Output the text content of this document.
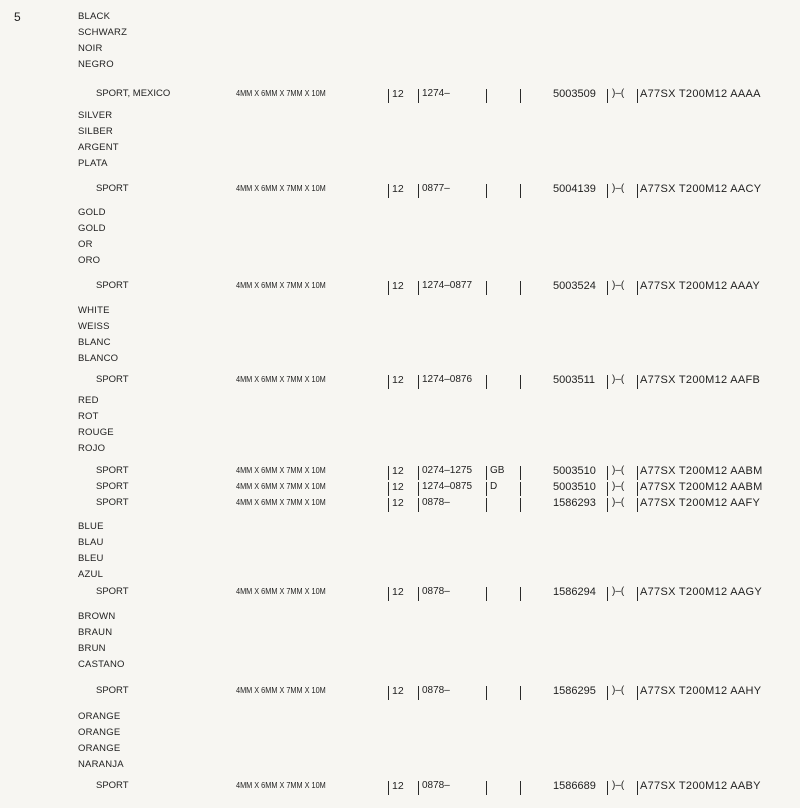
5	BLACK
SCHWARZ
NOIR
NEGRO
SPORT, MEXICO	4MM X 6MM X 7MM X 10M	12 1274–	5003509 )–( A77SX T200M12 AAAA
SILVER
SILBER
ARGENT
PLATA
SPORT	4MM X 6MM X 7MM X 10M	12 0877–	5004139 )–( A77SX T200M12 AACY
GOLD
GOLD
OR
ORO
SPORT	4MM X 6MM X 7MM X 10M	12 1274–0877	5003524 )–( A77SX T200M12 AAAY
WHITE
WEISS
BLANC
BLANCO
SPORT	4MM X 6MM X 7MM X 10M	12 1274–0876	5003511 )–( A77SX T200M12 AAFB
RED
ROT
ROUGE
ROJO
SPORT	4MM X 6MM X 7MM X 10M	12 0274–1275 GB	5003510 )–( A77SX T200M12 AABM
SPORT	4MM X 6MM X 7MM X 10M	12 1274–0875 D	5003510 )–( A77SX T200M12 AABM
SPORT	4MM X 6MM X 7MM X 10M	12 0878–	1586293 )–( A77SX T200M12 AAFY
BLUE
BLAU
BLEU
AZUL
SPORT	4MM X 6MM X 7MM X 10M	12 0878–	1586294 )–( A77SX T200M12 AAGY
BROWN
BRAUN
BRUN
CASTANO
SPORT	4MM X 6MM X 7MM X 10M	12 0878–	1586295 )–( A77SX T200M12 AAHY
ORANGE
ORANGE
ORANGE
NARANJA
SPORT	4MM X 6MM X 7MM X 10M	12 0878–	1586689 )–( A77SX T200M12 AABY
